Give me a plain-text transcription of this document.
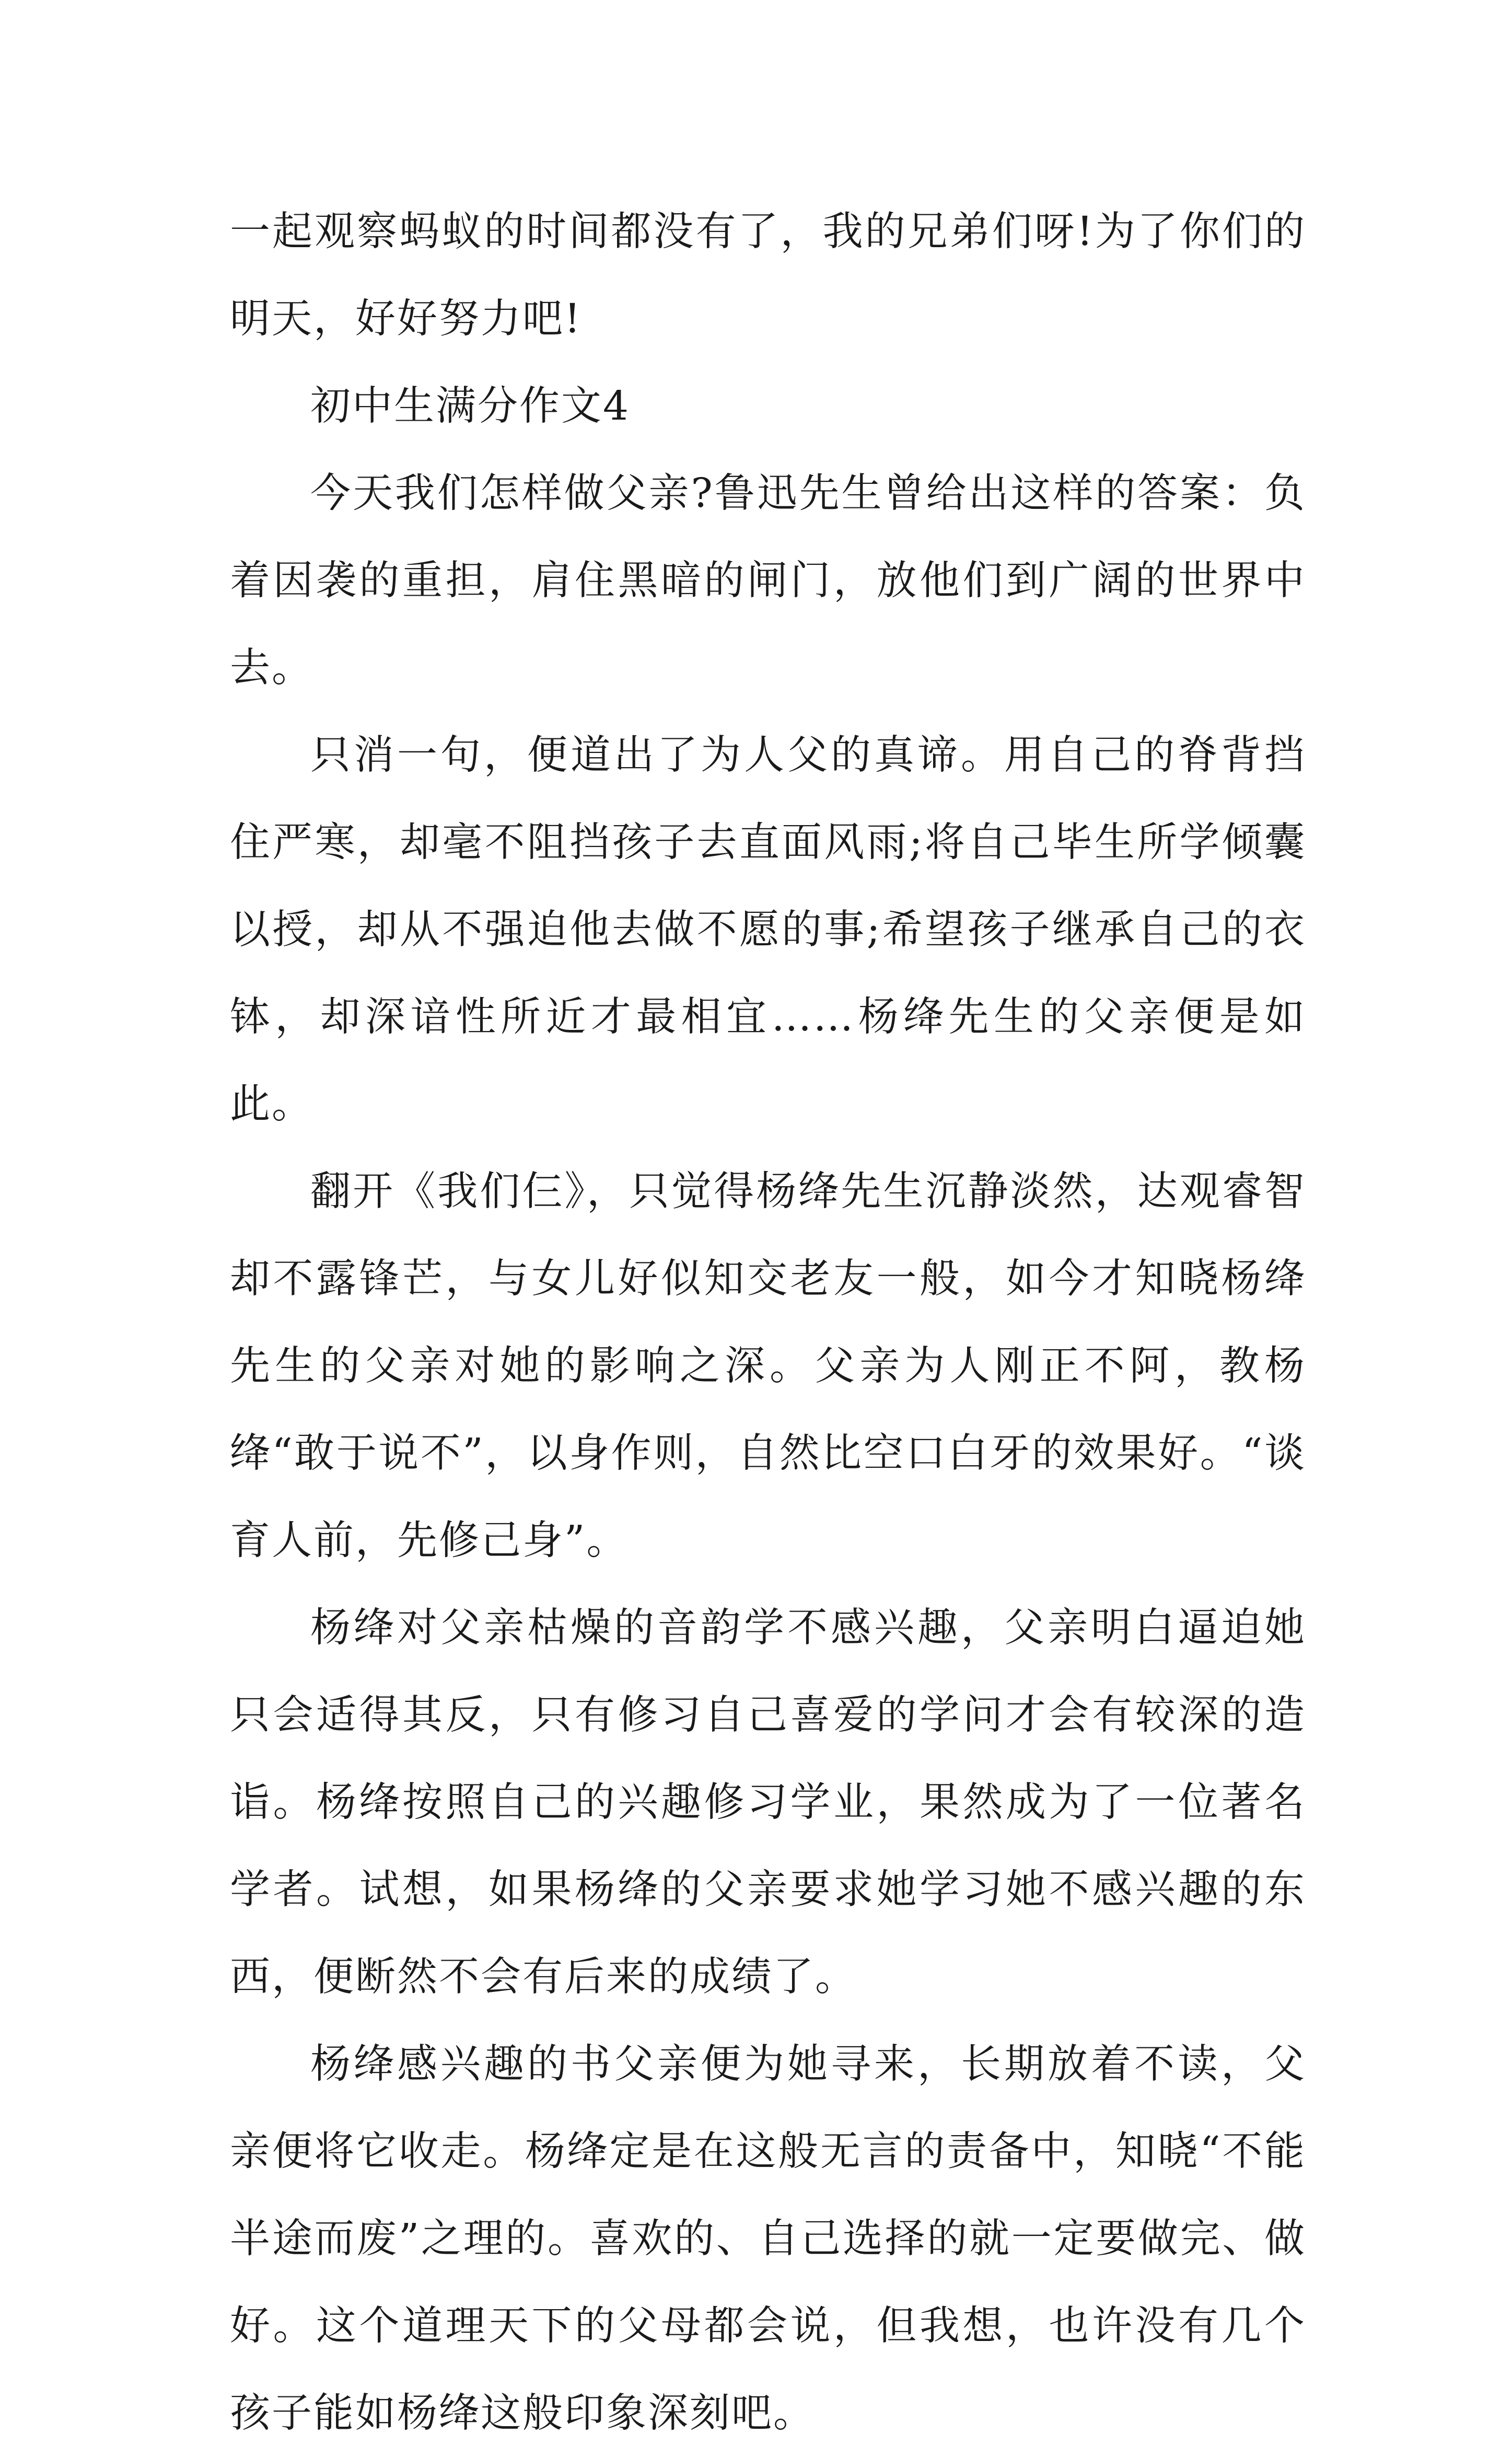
一起观察蚂蚁的时间都没有了，我的兄弟们呀!为了你们的明天，好好努力吧!

初中生满分作文4

今天我们怎样做父亲?鲁迅先生曾给出这样的答案：负着因袭的重担，肩住黑暗的闸门，放他们到广阔的世界中去。

只消一句，便道出了为人父的真谛。用自己的脊背挡住严寒，却毫不阻挡孩子去直面风雨;将自己毕生所学倾囊以授，却从不强迫他去做不愿的事;希望孩子继承自己的衣钵，却深谙性所近才最相宜……杨绛先生的父亲便是如此。

翻开《我们仨》，只觉得杨绛先生沉静淡然，达观睿智却不露锋芒，与女儿好似知交老友一般，如今才知晓杨绛先生的父亲对她的影响之深。父亲为人刚正不阿，教杨绛“敢于说不”，以身作则，自然比空口白牙的效果好。“谈育人前，先修己身”。

杨绛对父亲枯燥的音韵学不感兴趣，父亲明白逼迫她只会适得其反，只有修习自己喜爱的学问才会有较深的造诣。杨绛按照自己的兴趣修习学业，果然成为了一位著名学者。试想，如果杨绛的父亲要求她学习她不感兴趣的东西，便断然不会有后来的成绩了。

杨绛感兴趣的书父亲便为她寻来，长期放着不读，父亲便将它收走。杨绛定是在这般无言的责备中，知晓“不能半途而废”之理的。喜欢的、自己选择的就一定要做完、做好。这个道理天下的父母都会说，但我想，也许没有几个孩子能如杨绛这般印象深刻吧。
